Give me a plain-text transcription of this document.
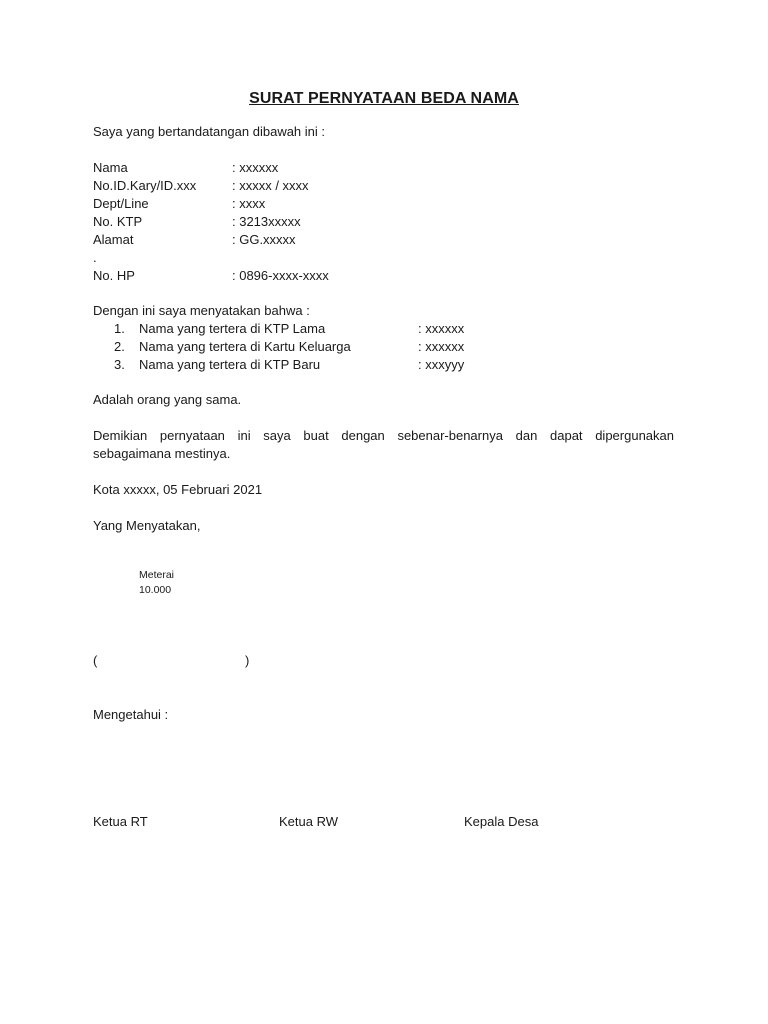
SURAT PERNYATAAN BEDA NAMA
Saya yang bertandatangan dibawah ini :
Nama	: xxxxxx
No.ID.Kary/ID.xxx	: xxxxx / xxxx
Dept/Line	: xxxx
No. KTP	: 3213xxxxx
Alamat	: GG.xxxxx
.
No. HP	: 0896-xxxx-xxxx
Dengan ini saya menyatakan bahwa :
1. Nama yang tertera di KTP Lama	: xxxxxx
2. Nama yang tertera di Kartu Keluarga	: xxxxxx
3. Nama yang tertera di KTP Baru	: xxxyyy
Adalah orang yang sama.
Demikian pernyataan ini saya buat dengan sebenar-benarnya dan dapat dipergunakan sebagaimana mestinya.
Kota xxxxx, 05 Februari 2021
Yang Menyatakan,
Meterai
10.000
(	)
Mengetahui :
Ketua RT	Ketua RW	Kepala Desa
